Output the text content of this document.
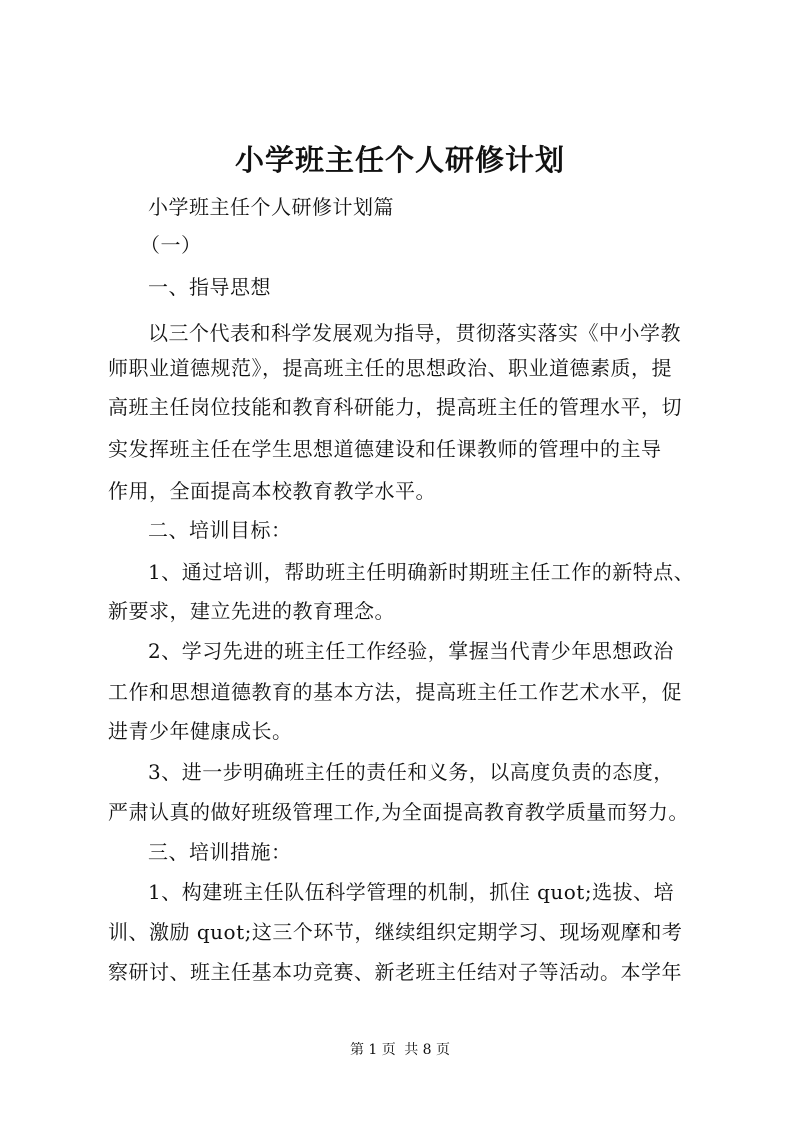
小学班主任个人研修计划
小学班主任个人研修计划篇
（一）
一、指导思想
以三个代表和科学发展观为指导，贯彻落实落实《中小学教
师职业道德规范》，提高班主任的思想政治、职业道德素质，提
高班主任岗位技能和教育科研能力，提高班主任的管理水平，切
实发挥班主任在学生思想道德建设和任课教师的管理中的主导
作用，全面提高本校教育教学水平。
二、培训目标：
1、通过培训，帮助班主任明确新时期班主任工作的新特点、
新要求，建立先进的教育理念。
2、学习先进的班主任工作经验，掌握当代青少年思想政治
工作和思想道德教育的基本方法，提高班主任工作艺术水平，促
进青少年健康成长。
3、进一步明确班主任的责任和义务，以高度负责的态度，
严肃认真的做好班级管理工作,为全面提高教育教学质量而努力。
三、培训措施：
1、构建班主任队伍科学管理的机制，抓住 quot;选拔、培
训、激励 quot;这三个环节，继续组织定期学习、现场观摩和考
察研讨、班主任基本功竞赛、新老班主任结对子等活动。本学年
第 1 页 共 8 页
